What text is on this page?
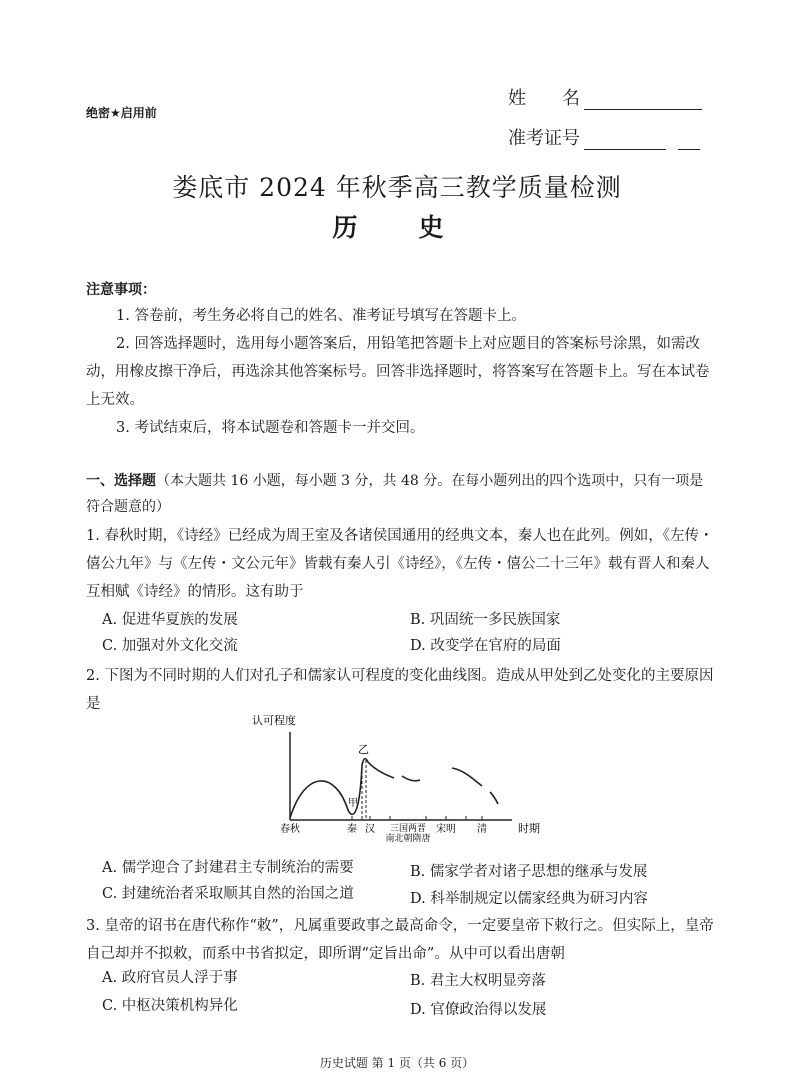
绝密★启用前
姓　　名
准考证号
娄底市 2024 年秋季高三教学质量检测
历　史
注意事项：
1. 答卷前，考生务必将自己的姓名、准考证号填写在答题卡上。
2. 回答选择题时，选用每小题答案后，用铅笔把答题卡上对应题目的答案标号涂黑，如需改动，用橡皮擦干净后，再选涂其他答案标号。回答非选择题时，将答案写在答题卡上。写在本试卷上无效。
3. 考试结束后，将本试题卷和答题卡一并交回。
一、选择题（本大题共 16 小题，每小题 3 分，共 48 分。在每小题列出的四个选项中，只有一项是符合题意的）
1. 春秋时期，《诗经》已经成为周王室及各诸侯国通用的经典文本，秦人也在此列。例如，《左传・僖公九年》与《左传・文公元年》皆载有秦人引《诗经》，《左传・僖公二十三年》载有晋人和秦人互相赋《诗经》的情形。这有助于
A. 促进华夏族的发展	B. 巩固统一多民族国家
C. 加强对外文化交流	D. 改变学在官府的局面
2. 下图为不同时期的人们对孔子和儒家认可程度的变化曲线图。造成从甲处到乙处变化的主要原因是
认可程度
时期
甲
乙
春秋	秦 汉 三国两晋
南北朝隋唐
宋明 清
A. 儒学迎合了封建君主专制统治的需要	B. 儒家学者对诸子思想的继承与发展
C. 封建统治者采取顺其自然的治国之道	D. 科举制规定以儒家经典为研习内容
3. 皇帝的诏书在唐代称作“敕”，凡属重要政事之最高命令，一定要皇帝下敕行之。但实际上，皇帝自己却并不拟敕，而系中书省拟定，即所谓“定旨出命”。从中可以看出唐朝
A. 政府官员人浮于事	B. 君主大权明显旁落
C. 中枢决策机构异化	D. 官僚政治得以发展
历史试题 第 1 页（共 6 页）
